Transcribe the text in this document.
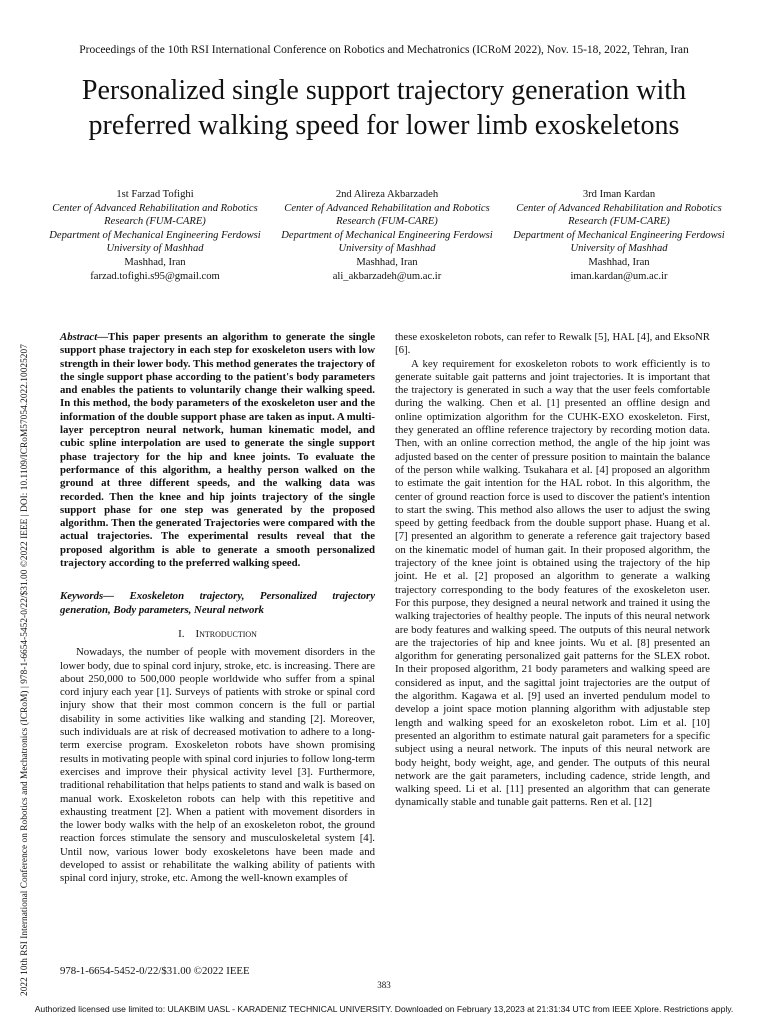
Proceedings of the 10th RSI International Conference on Robotics and Mechatronics (ICRoM 2022), Nov. 15-18, 2022, Tehran, Iran
Personalized single support trajectory generation with preferred walking speed for lower limb exoskeletons
1st Farzad Tofighi
Center of Advanced Rehabilitation and Robotics Research (FUM-CARE)
Department of Mechanical Engineering Ferdowsi University of Mashhad
Mashhad, Iran
farzad.tofighi.s95@gmail.com
2nd Alireza Akbarzadeh
Center of Advanced Rehabilitation and Robotics Research (FUM-CARE)
Department of Mechanical Engineering Ferdowsi University of Mashhad
Mashhad, Iran
ali_akbarzadeh@um.ac.ir
3rd Iman Kardan
Center of Advanced Rehabilitation and Robotics Research (FUM-CARE)
Department of Mechanical Engineering Ferdowsi University of Mashhad
Mashhad, Iran
iman.kardan@um.ac.ir
2022 10th RSI International Conference on Robotics and Mechatronics (ICRoM) | 978-1-6654-5452-0/22/$31.00 ©2022 IEEE | DOI: 10.1109/ICRoM57054.2022.10025207

Abstract—This paper presents an algorithm to generate the single support phase trajectory in each step for exoskeleton users with low strength in their lower body. This method generates the trajectory of the single support phase according to the patient's body parameters and enables the patients to voluntarily change their walking speed. In this method, the body parameters of the exoskeleton user and the information of the double support phase are taken as input. A multi-layer perceptron neural network, human kinematic model, and cubic spline interpolation are used to generate the single support phase trajectory for the hip and knee joints. To evaluate the performance of this algorithm, a healthy person walked on the ground at three different speeds, and the walking data was recorded. Then the knee and hip joints trajectory of the single support phase for one step was generated by the proposed algorithm. Then the generated Trajectories were compared with the actual trajectories. The experimental results reveal that the proposed algorithm is able to generate a smooth personalized trajectory according to the preferred walking speed.

Keywords— Exoskeleton trajectory, Personalized trajectory generation, Body parameters, Neural network

I. Introduction

Nowadays, the number of people with movement disorders in the lower body, due to spinal cord injury, stroke, etc. is increasing. There are about 250,000 to 500,000 people worldwide who suffer from a spinal cord injury each year [1]. Surveys of patients with stroke or spinal cord injury show that their most common concern is the full or partial disability in some activities like walking and standing [2]. Moreover, such individuals are at risk of decreased motivation to adhere to a long-term exercise program. Exoskeleton robots have shown promising results in motivating people with spinal cord injuries to follow long-term exercises and improve their physical activity level [3]. Furthermore, traditional rehabilitation that helps patients to stand and walk is based on manual work. Exoskeleton robots can help with this repetitive and exhausting treatment [2]. When a patient with movement disorders in the lower body walks with the help of an exoskeleton robot, the ground reaction forces stimulate the sensory and musculoskeletal system [4]. Until now, various lower body exoskeletons have been made and developed to assist or rehabilitate the walking ability of patients with spinal cord injury, stroke, etc. Among the well-known examples of

these exoskeleton robots, can refer to Rewalk [5], HAL [4], and EksoNR [6].

A key requirement for exoskeleton robots to work efficiently is to generate suitable gait patterns and joint trajectories. It is important that the trajectory is generated in such a way that the user feels comfortable during the walking. Chen et al. [1] presented an offline design and online optimization algorithm for the CUHK-EXO exoskeleton. First, they generated an offline reference trajectory by recording motion data. Then, with an online correction method, the angle of the hip joint was adjusted based on the center of pressure position to maintain the balance of the person while walking. Tsukahara et al. [4] proposed an algorithm to estimate the gait intention for the HAL robot. In this algorithm, the center of ground reaction force is used to discover the patient's intention to start the swing. This method also allows the user to adjust the swing speed by getting feedback from the double support phase. Huang et al. [7] presented an algorithm to generate a reference gait trajectory based on the kinematic model of human gait. In their proposed algorithm, the trajectory of the knee joint is obtained using the trajectory of the hip joint. He et al. [2] proposed an algorithm to generate a walking trajectory corresponding to the body features of the exoskeleton user. For this purpose, they designed a neural network and trained it using the walking trajectories of healthy people. The inputs of this neural network are body features and walking speed. The outputs of this neural network are the trajectories of hip and knee joints. Wu et al. [8] presented an algorithm for generating personalized gait patterns for the SLEX robot. In their proposed algorithm, 21 body parameters and walking speed are considered as input, and the sagittal joint trajectories are the output of the algorithm. Kagawa et al. [9] used an inverted pendulum model to develop a joint space motion planning algorithm with adjustable step length and walking speed for an exoskeleton robot. Lim et al. [10] presented an algorithm to estimate natural gait parameters for a specific subject using a neural network. The inputs of this neural network are body height, body weight, age, and gender. The outputs of this neural network are the gait parameters, including cadence, stride length, and walking speed. Li et al. [11] presented an algorithm that can generate dynamically stable and tunable gait patterns. Ren et al. [12]

978-1-6654-5452-0/22/$31.00 ©2022 IEEE
383
Authorized licensed use limited to: ULAKBIM UASL - KARADENIZ TECHNICAL UNIVERSITY. Downloaded on February 13,2023 at 21:31:34 UTC from IEEE Xplore. Restrictions apply.
